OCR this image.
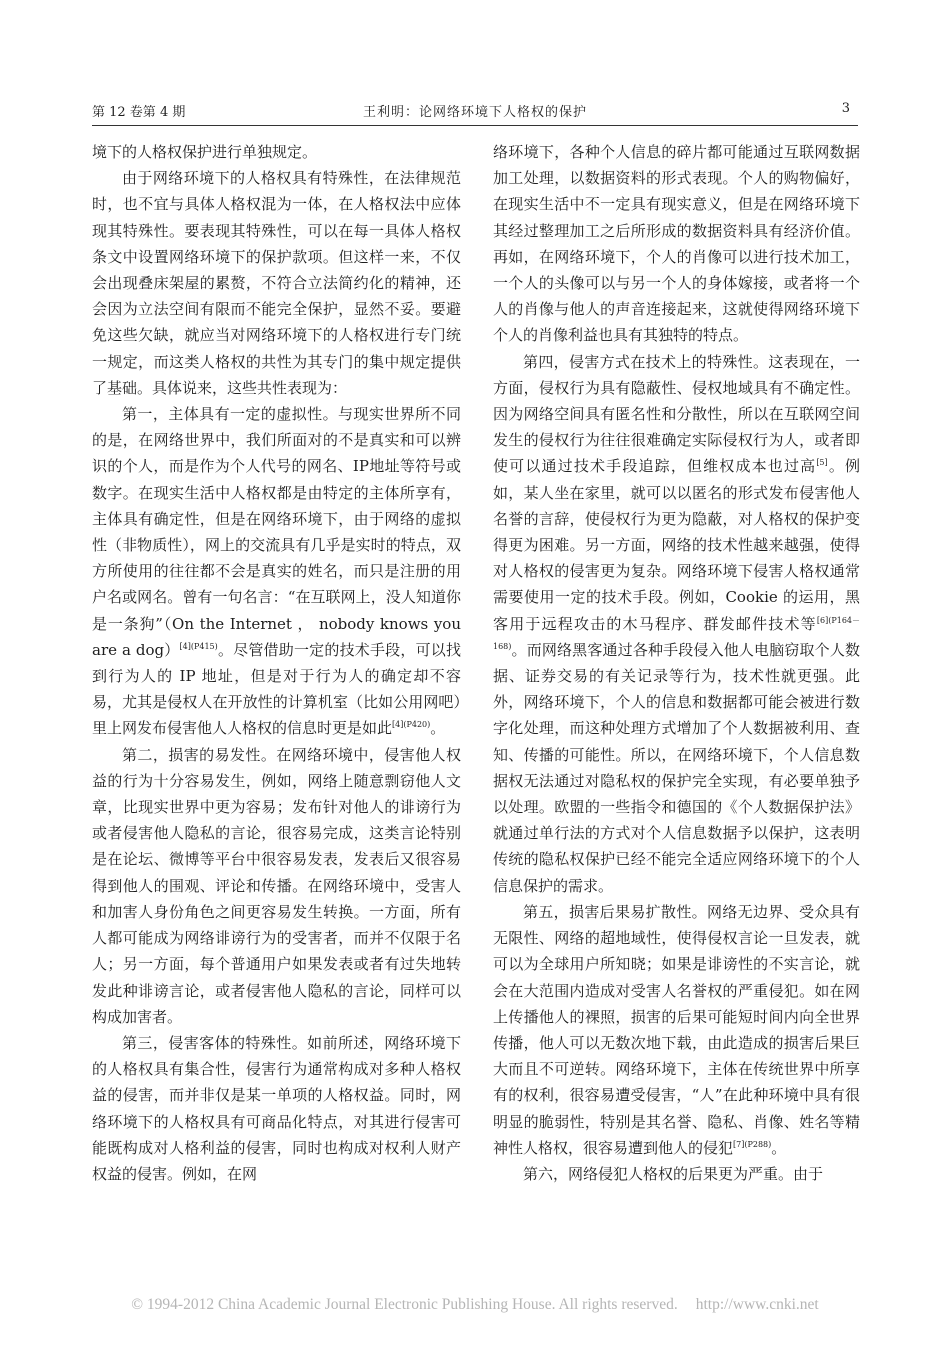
第 12 卷第 4 期	王利明：论网络环境下人格权的保护	3

境下的人格权保护进行单独规定。

由于网络环境下的人格权具有特殊性，在法律规范时，也不宜与具体人格权混为一体，在人格权法中应体现其特殊性。要表现其特殊性，可以在每一具体人格权条文中设置网络环境下的保护款项。但这样一来，不仅会出现叠床架屋的累赘，不符合立法简约化的精神，还会因为立法空间有限而不能完全保护，显然不妥。要避免这些欠缺，就应当对网络环境下的人格权进行专门统一规定，而这类人格权的共性为其专门的集中规定提供了基础。具体说来，这些共性表现为：

第一，主体具有一定的虚拟性。与现实世界所不同的是，在网络世界中，我们所面对的不是真实和可以辨识的个人，而是作为个人代号的网名、IP地址等符号或数字。在现实生活中人格权都是由特定的主体所享有，主体具有确定性，但是在网络环境下，由于网络的虚拟性（非物质性），网上的交流具有几乎是实时的特点，双方所使用的往往都不会是真实的姓名，而只是注册的用户名或网名。曾有一句名言：“在互联网上，没人知道你是一条狗”（On the Internet ， nobody knows you are a dog）$^{[4](P415)}$。尽管借助一定的技术手段，可以找到行为人的 IP 地址，但是对于行为人的确定却不容易，尤其是侵权人在开放性的计算机室（比如公用网吧）里上网发布侵害他人人格权的信息时更是如此$^{[4](P420)}$。

第二，损害的易发性。在网络环境中，侵害他人权益的行为十分容易发生，例如，网络上随意剽窃他人文章，比现实世界中更为容易；发布针对他人的诽谤行为或者侵害他人隐私的言论，很容易完成，这类言论特别是在论坛、微博等平台中很容易发表，发表后又很容易得到他人的围观、评论和传播。在网络环境中，受害人和加害人身份角色之间更容易发生转换。一方面，所有人都可能成为网络诽谤行为的受害者，而并不仅限于名人；另一方面，每个普通用户如果发表或者有过失地转发此种诽谤言论，或者侵害他人隐私的言论，同样可以构成加害者。

第三，侵害客体的特殊性。如前所述，网络环境下的人格权具有集合性，侵害行为通常构成对多种人格权益的侵害，而并非仅是某一单项的人格权益。同时，网络环境下的人格权具有可商品化特点，对其进行侵害可能既构成对人格利益的侵害，同时也构成对权利人财产权益的侵害。例如，在网

络环境下，各种个人信息的碎片都可能通过互联网数据加工处理，以数据资料的形式表现。个人的购物偏好，在现实生活中不一定具有现实意义，但是在网络环境下其经过整理加工之后所形成的数据资料具有经济价值。再如，在网络环境下，个人的肖像可以进行技术加工，一个人的头像可以与另一个人的身体嫁接，或者将一个人的肖像与他人的声音连接起来，这就使得网络环境下个人的肖像利益也具有其独特的特点。

第四，侵害方式在技术上的特殊性。这表现在，一方面，侵权行为具有隐蔽性、侵权地域具有不确定性。因为网络空间具有匿名性和分散性，所以在互联网空间发生的侵权行为往往很难确定实际侵权行为人，或者即使可以通过技术手段追踪，但维权成本也过高[5]。例如，某人坐在家里，就可以以匿名的形式发布侵害他人名誉的言辞，使侵权行为更为隐蔽，对人格权的保护变得更为困难。另一方面，网络的技术性越来越强，使得对人格权的侵害更为复杂。网络环境下侵害人格权通常需要使用一定的技术手段。例如，Cookie 的运用，黑客用于远程攻击的木马程序、群发邮件技术等$^{[6](P164-168)}$。而网络黑客通过各种手段侵入他人电脑窃取个人数据、证券交易的有关记录等行为，技术性就更强。此外，网络环境下，个人的信息和数据都可能会被进行数字化处理，而这种处理方式增加了个人数据被利用、查知、传播的可能性。所以，在网络环境下，个人信息数据权无法通过对隐私权的保护完全实现，有必要单独予以处理。欧盟的一些指令和德国的《个人数据保护法》就通过单行法的方式对个人信息数据予以保护，这表明传统的隐私权保护已经不能完全适应网络环境下的个人信息保护的需求。

第五，损害后果易扩散性。网络无边界、受众具有无限性、网络的超地域性，使得侵权言论一旦发表，就可以为全球用户所知晓；如果是诽谤性的不实言论，就会在大范围内造成对受害人名誉权的严重侵犯。如在网上传播他人的裸照，损害的后果可能短时间内向全世界传播，他人可以无数次地下载，由此造成的损害后果巨大而且不可逆转。网络环境下，主体在传统世界中所享有的权利，很容易遭受侵害，“人”在此种环境中具有很明显的脆弱性，特别是其名誉、隐私、肖像、姓名等精神性人格权，很容易遭到他人的侵犯$^{[7](P288)}$。

第六，网络侵犯人格权的后果更为严重。由于

© 1994-2012 China Academic Journal Electronic Publishing House. All rights reserved. http://www.cnki.net
